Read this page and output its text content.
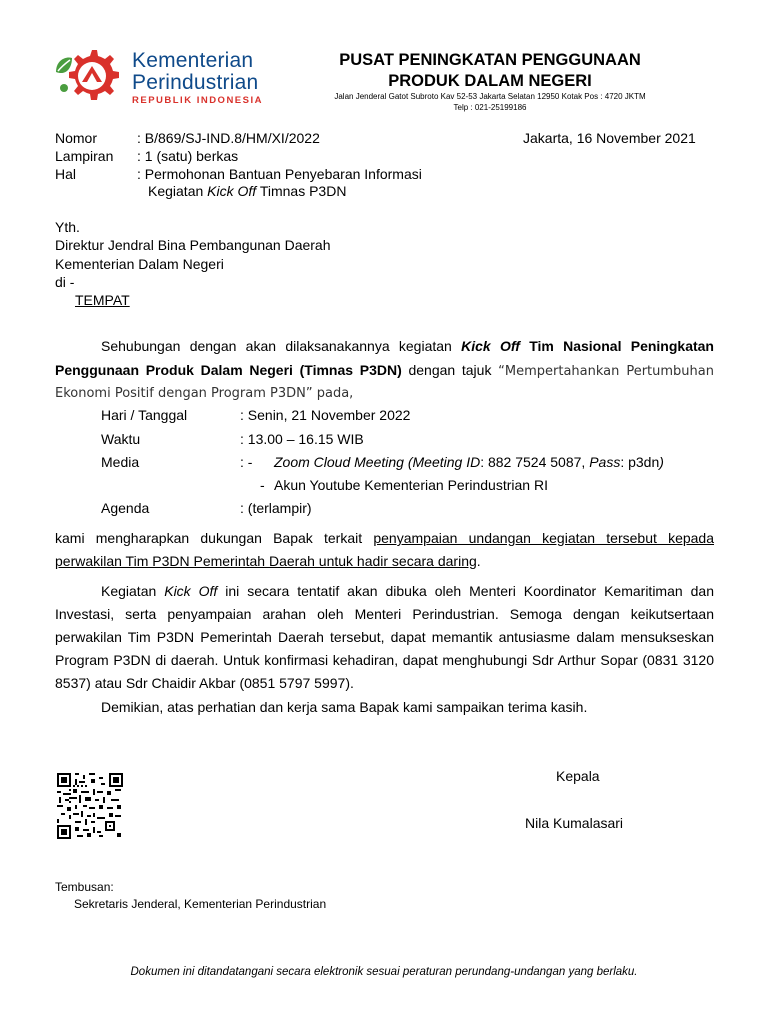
Kementerian
Perindustrian
REPUBLIK INDONESIA
PUSAT PENINGKATAN PENGGUNAAN
PRODUK DALAM NEGERI
Jalan Jenderal Gatot Subroto Kav 52-53 Jakarta Selatan 12950 Kotak Pos : 4720 JKTM
Telp : 021-25199186
Nomor	: B/869/SJ-IND.8/HM/XI/2022	Jakarta, 16 November 2021
Lampiran : 1 (satu) berkas
Hal	: Permohonan Bantuan Penyebaran Informasi
Kegiatan Kick Off Timnas P3DN
Yth.
Direktur Jendral Bina Pembangunan Daerah
Kementerian Dalam Negeri
di -
TEMPAT
Sehubungan dengan akan dilaksanakannya kegiatan Kick Off Tim Nasional Peningkatan
Penggunaan Produk Dalam Negeri (Timnas P3DN) dengan tajuk “Mempertahankan Pertumbuhan
Ekonomi Positif dengan Program P3DN” pada,
Hari / Tanggal	: Senin, 21 November 2022
Waktu	: 13.00 – 16.15 WIB
Media	: - Zoom Cloud Meeting (Meeting ID: 882 7524 5087, Pass: p3dn)
- Akun Youtube Kementerian Perindustrian RI
Agenda	: (terlampir)
kami mengharapkan dukungan Bapak terkait penyampaian undangan kegiatan tersebut kepada
perwakilan Tim P3DN Pemerintah Daerah untuk hadir secara daring.
Kegiatan Kick Off ini secara tentatif akan dibuka oleh Menteri Koordinator Kemaritiman dan
Investasi, serta penyampaian arahan oleh Menteri Perindustrian. Semoga dengan keikutsertaan
perwakilan Tim P3DN Pemerintah Daerah tersebut, dapat memantik antusiasme dalam mensukseskan
Program P3DN di daerah. Untuk konfirmasi kehadiran, dapat menghubungi Sdr Arthur Sopar (0831 3120
8537) atau Sdr Chaidir Akbar (0851 5797 5997).
Demikian, atas perhatian dan kerja sama Bapak kami sampaikan terima kasih.
Kepala
Nila Kumalasari
Tembusan:
Sekretaris Jenderal, Kementerian Perindustrian
Dokumen ini ditandatangani secara elektronik sesuai peraturan perundang-undangan yang berlaku.
